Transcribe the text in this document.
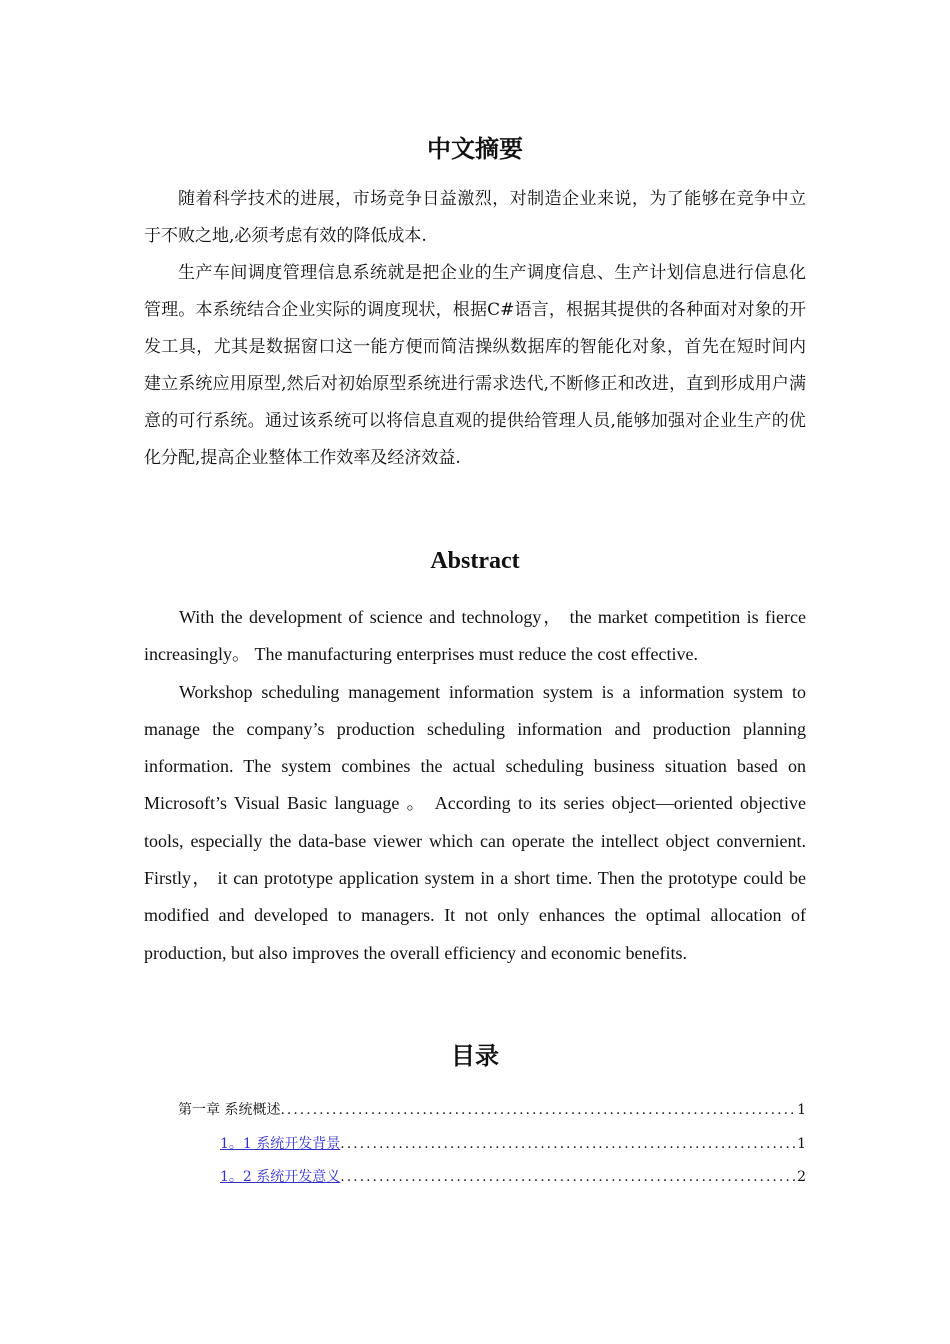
中文摘要

随着科学技术的进展，市场竞争日益激烈，对制造企业来说，为了能够在竞争中立于不败之地,必须考虑有效的降低成本.

生产车间调度管理信息系统就是把企业的生产调度信息、生产计划信息进行信息化管理。本系统结合企业实际的调度现状，根据C#语言，根据其提供的各种面对对象的开发工具，尤其是数据窗口这一能方便而简洁操纵数据库的智能化对象，首先在短时间内建立系统应用原型,然后对初始原型系统进行需求迭代,不断修正和改进，直到形成用户满意的可行系统。通过该系统可以将信息直观的提供给管理人员,能够加强对企业生产的优化分配,提高企业整体工作效率及经济效益.

Abstract

With the development of science and technology， the market competition is fierce increasingly。 The manufacturing enterprises must reduce the cost effective.

Workshop scheduling management information system is a information system to manage the company’s production scheduling information and production planning information. The system combines the actual scheduling business situation based on Microsoft’s Visual Basic language 。 According to its series object—oriented objective tools, especially the data-base viewer which can operate the intellect object convernient. Firstly， it can prototype application system in a short time. Then the prototype could be modified and developed to managers. It not only enhances the optimal allocation of production, but also improves the overall efficiency and economic benefits.

目录
第一章 系统概述 .....	1
1。1 系统开发背景 .....	1
1。2 系统开发意义 .....	2
